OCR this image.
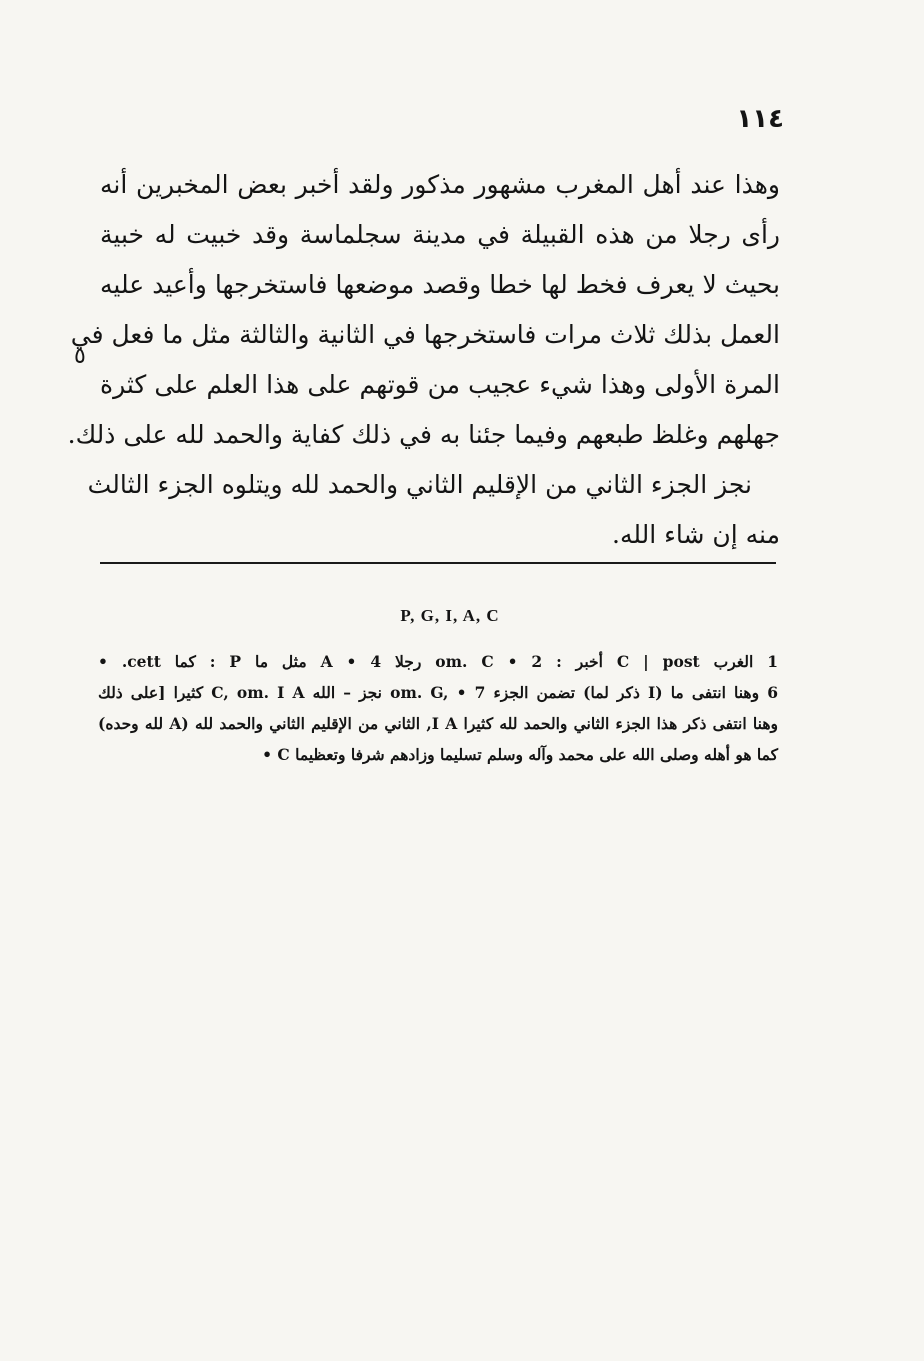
١١٤
وهذا عند أهل المغرب مشهور مذكور ولقد أخبر بعض المخبرين أنه
رأى رجلا من هذه القبيلة في مدينة سجلماسة وقد خبيت له خبية
بحيث لا يعرف فخط لها خطا وقصد موضعها فاستخرجها وأعيد عليه
العمل بذلك ثلاث مرات فاستخرجها في الثانية والثالثة مثل ما فعل في
المرة الأولى وهذا شيء عجيب من قوتهم على هذا العلم على كثرة
جهلهم وغلظ طبعهم وفيما جئنا به في ذلك كفاية والحمد لله على ذلك.
نجز الجزء الثاني من الإقليم الثاني والحمد لله ويتلوه الجزء الثالث
منه إن شاء الله.
٥
P, G, I, A, C
1 الغرب C | post أخبر : om. C • 2 رجلا A • 4 مثل ما P : كما cett. •
6 وهنا انتفى ما (I ذكر لما) تضمن الجزء om. G, • 7 نجز – الله C, om. I A كثيرا [على ذلك
وهنا انتفى ذكر هذا الجزء الثاني والحمد لله كثيرا I A, الثاني من الإقليم الثاني والحمد لله (A لله وحده)
كما هو أهله وصلى الله على محمد وآله وسلم تسليما وزادهم شرفا وتعظيما C •
